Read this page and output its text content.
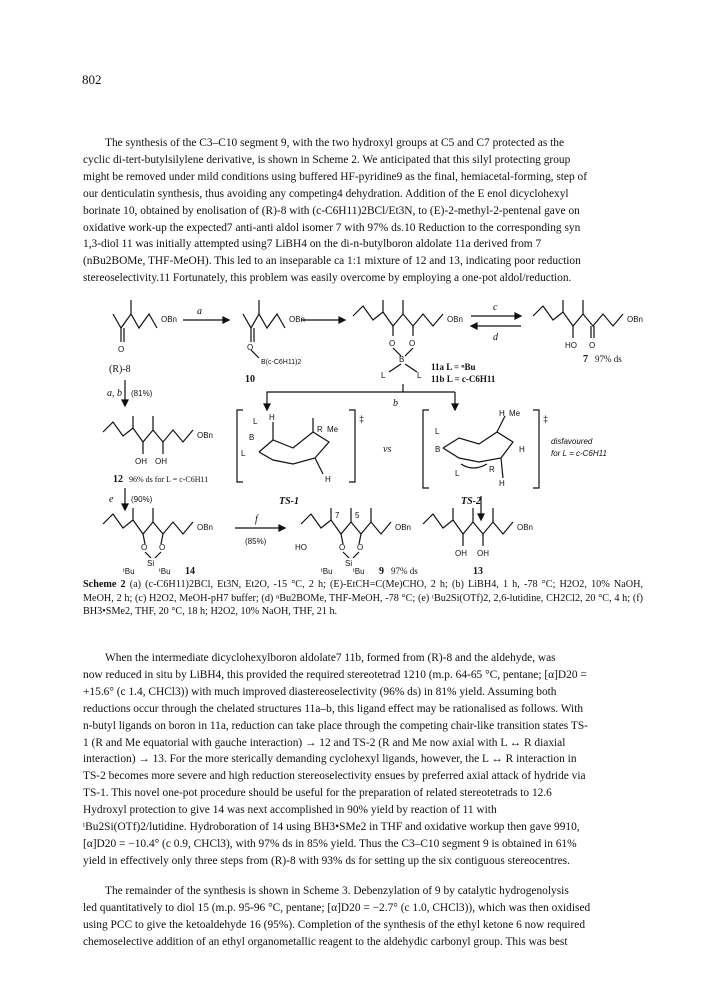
802

The synthesis of the C3–C10 segment 9, with the two hydroxyl groups at C5 and C7 protected as the

cyclic di-tert-butylsilylene derivative, is shown in Scheme 2. We anticipated that this silyl protecting group

might be removed under mild conditions using buffered HF-pyridine9 as the final, hemiacetal-forming, step of

our denticulatin synthesis, thus avoiding any competing4 dehydration. Addition of the E enol dicyclohexyl

borinate 10, obtained by enolisation of (R)-8 with (c-C6H11)2BCl/Et3N, to (E)-2-methyl-2-pentenal gave on

oxidative work-up the expected7 anti-anti aldol isomer 7 with 97% ds.10 Reduction to the corresponding syn

1,3-diol 11 was initially attempted using7 LiBH4 on the di-n-butylboron aldolate 11a derived from 7

(nBu2BOMe, THF-MeOH). This led to an inseparable ca 1:1 mixture of 12 and 13, indicating poor reduction

stereoselectivity.11 Fortunately, this problem was easily overcome by employing a one-pot aldol/reduction.

OBn
O
(R)-8
a
OBn
O
B(c-C6H11)2
10
OBn
O O
B
L	L
11a L = ⁿBu
11b L = c-C6H11
c
d
OBn
HO O
7 97% ds
a, b (81%)
b
OBn
OH OH
12 96% ds for L = c-C6H11
L
B
L
H
R Me
H
‡
TS-1
vs
L
B
L	R
H Me
H
H
‡
TS-2
disfavoured
for L = c-C6H11
e (90%)
OBn
O O
Si
ᵗBu	ᵗBu 14
f
(85%)
HO
7 5
OBn
O O
Si
ᵗBu	ᵗBu 9 97% ds
OBn
OH OH
13
Scheme 2 (a) (c-C6H11)2BCl, Et3N, Et2O, -15 °C, 2 h; (E)-EtCH=C(Me)CHO, 2 h; (b) LiBH4, 1 h, -78 °C; H2O2, 10% NaOH, MeOH, 2 h; (c) H2O2, MeOH-pH7 buffer; (d) ⁿBu2BOMe, THF-MeOH, -78 °C; (e) ᵗBu2Si(OTf)2, 2,6-lutidine, CH2Cl2, 20 °C, 4 h; (f) BH3•SMe2, THF, 20 °C, 18 h; H2O2, 10% NaOH, THF, 21 h.

When the intermediate dicyclohexylboron aldolate7 11b, formed from (R)-8 and the aldehyde, was

now reduced in situ by LiBH4, this provided the required stereotetrad 1210 (m.p. 64-65 °C, pentane; [α]D20 =

+15.6° (c 1.4, CHCl3)) with much improved diastereoselectivity (96% ds) in 81% yield. Assuming both

reductions occur through the chelated structures 11a–b, this ligand effect may be rationalised as follows. With

n-butyl ligands on boron in 11a, reduction can take place through the competing chair-like transition states TS-

1 (R and Me equatorial with gauche interaction) → 12 and TS-2 (R and Me now axial with L ↔ R diaxial

interaction) → 13. For the more sterically demanding cyclohexyl ligands, however, the L ↔ R interaction in

TS-2 becomes more severe and high reduction stereoselectivity ensues by preferred axial attack of hydride via

TS-1. This novel one-pot procedure should be useful for the preparation of related stereotetrads to 12.6

Hydroxyl protection to give 14 was next accomplished in 90% yield by reaction of 11 with

ᵗBu2Si(OTf)2/lutidine. Hydroboration of 14 using BH3•SMe2 in THF and oxidative workup then gave 9910,

[α]D20 = −10.4° (c 0.9, CHCl3), with 97% ds in 85% yield. Thus the C3–C10 segment 9 is obtained in 61%

yield in effectively only three steps from (R)-8 with 93% ds for setting up the six contiguous stereocentres.

The remainder of the synthesis is shown in Scheme 3. Debenzylation of 9 by catalytic hydrogenolysis

led quantitatively to diol 15 (m.p. 95-96 °C, pentane; [α]D20 = −2.7° (c 1.0, CHCl3)), which was then oxidised

using PCC to give the ketoaldehyde 16 (95%). Completion of the synthesis of the ethyl ketone 6 now required

chemoselective addition of an ethyl organometallic reagent to the aldehydic carbonyl group. This was best
